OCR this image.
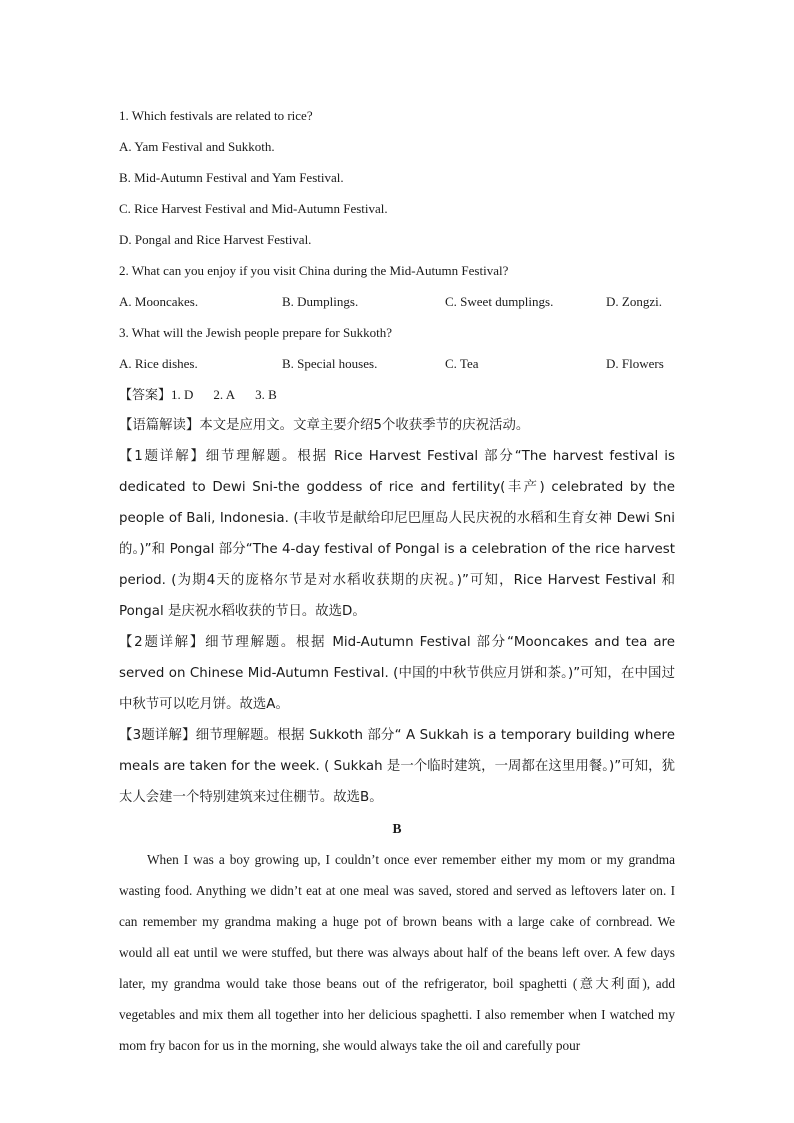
1. Which festivals are related to rice?
A. Yam Festival and Sukkoth.
B. Mid-Autumn Festival and Yam Festival.
C. Rice Harvest Festival and Mid-Autumn Festival.
D. Pongal and Rice Harvest Festival.
2. What can you enjoy if you visit China during the Mid-Autumn Festival?
A. Mooncakes.	B. Dumplings.	C. Sweet dumplings.	D. Zongzi.
3. What will the Jewish people prepare for Sukkoth?
A. Rice dishes.	B. Special houses.	C. Tea	D. Flowers
【答案】1. D 2. A 3. B

【语篇解读】本文是应用文。文章主要介绍5个收获季节的庆祝活动。

【1题详解】细节理解题。根据 Rice Harvest Festival 部分“The harvest festival is dedicated to Dewi Sni-the goddess of rice and fertility(丰产) celebrated by the people of Bali, Indonesia. (丰收节是献给印尼巴厘岛人民庆祝的水稻和生育女神 Dewi Sni 的。)”和 Pongal 部分“The 4-day festival of Pongal is a celebration of the rice harvest period. (为期4天的庞格尔节是对水稻收获期的庆祝。)”可知，Rice Harvest Festival 和 Pongal 是庆祝水稻收获的节日。故选D。

【2题详解】细节理解题。根据 Mid-Autumn Festival 部分“Mooncakes and tea are served on Chinese Mid-Autumn Festival. (中国的中秋节供应月饼和茶。)”可知，在中国过中秋节可以吃月饼。故选A。

【3题详解】细节理解题。根据 Sukkoth 部分“ A Sukkah is a temporary building where meals are taken for the week. ( Sukkah 是一个临时建筑，一周都在这里用餐。)”可知，犹太人会建一个特别建筑来过住棚节。故选B。

B

When I was a boy growing up, I couldn’t once ever remember either my mom or my grandma wasting food. Anything we didn’t eat at one meal was saved, stored and served as leftovers later on. I can remember my grandma making a huge pot of brown beans with a large cake of cornbread. We would all eat until we were stuffed, but there was always about half of the beans left over. A few days later, my grandma would take those beans out of the refrigerator, boil spaghetti (意大利面), add vegetables and mix them all together into her delicious spaghetti. I also remember when I watched my mom fry bacon for us in the morning, she would always take the oil and carefully pour
